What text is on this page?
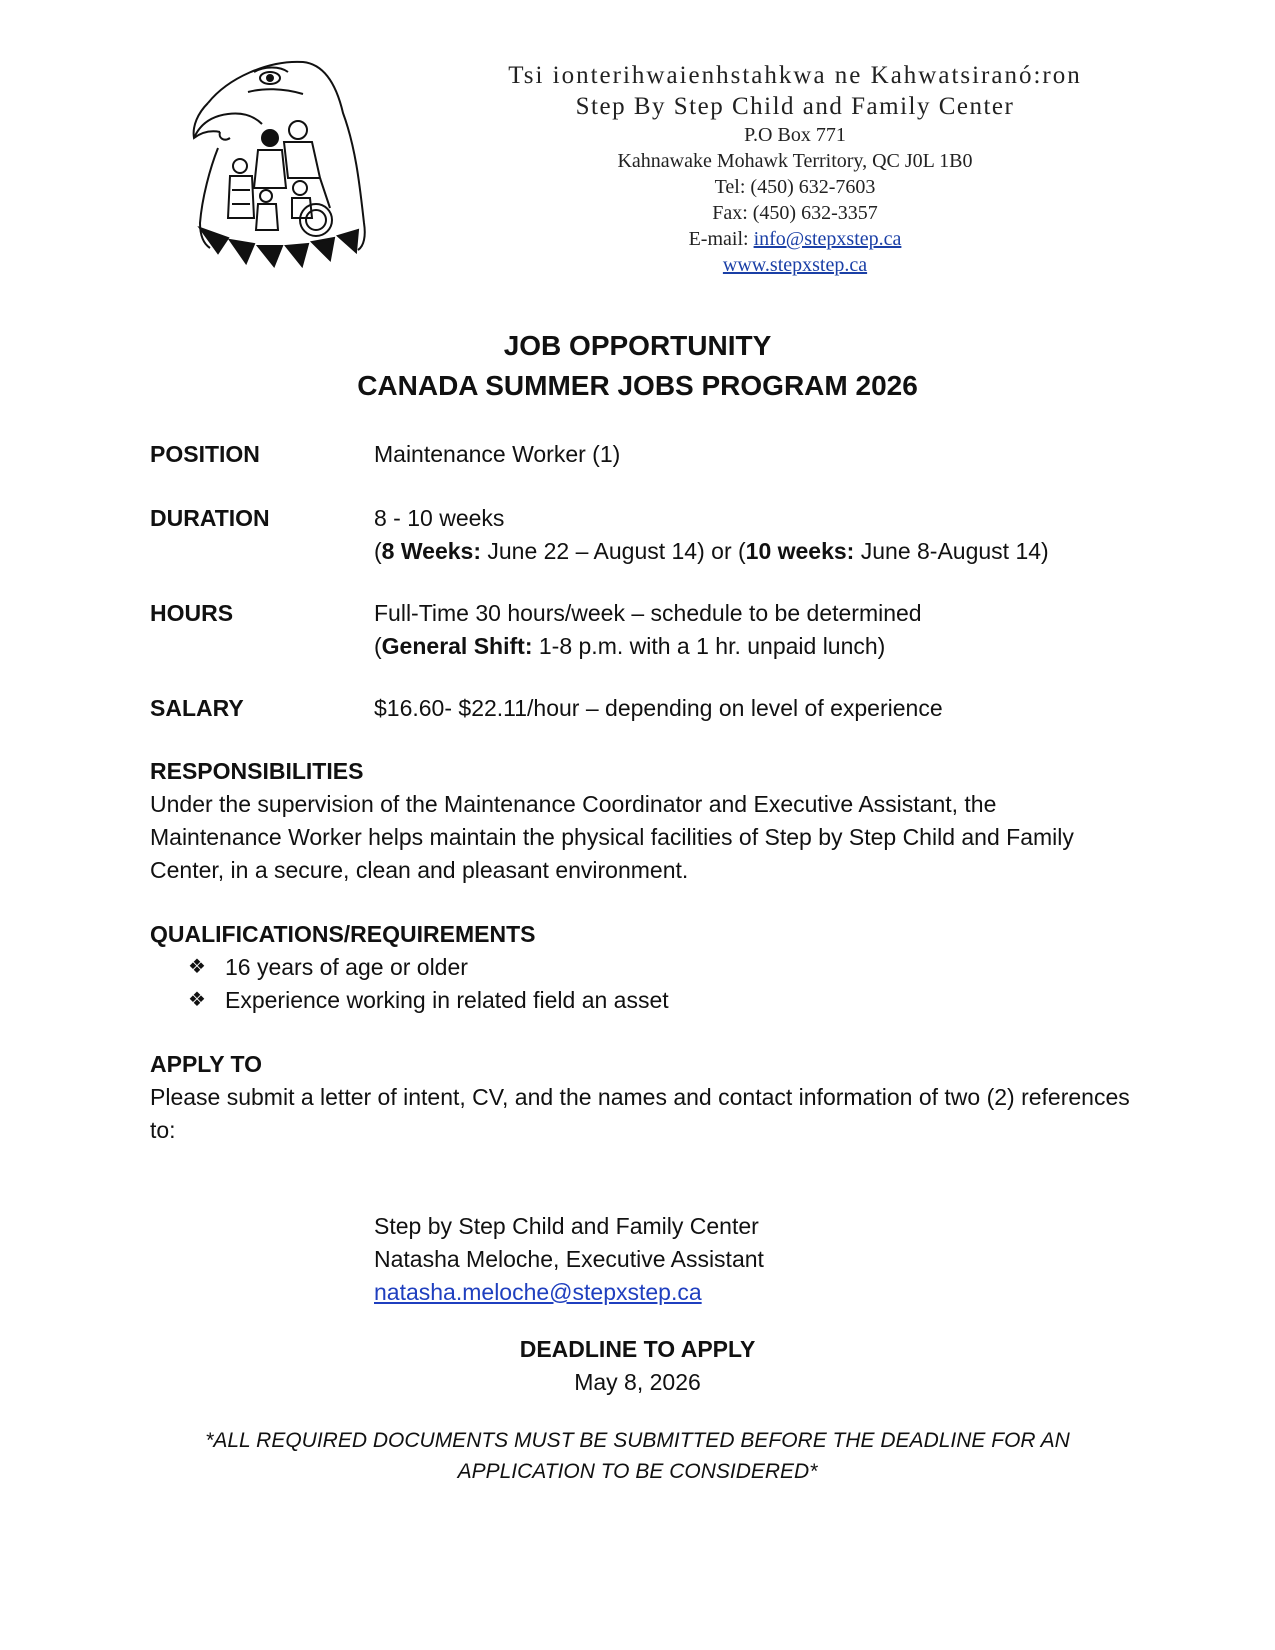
Tsi ionterihwaienhstahkwa ne Kahwatsiranó:ron
Step By Step Child and Family Center
P.O Box 771
Kahnawake Mohawk Territory, QC J0L 1B0
Tel: (450) 632-7603
Fax: (450) 632-3357
E-mail: info@stepxstep.ca
www.stepxstep.ca
JOB OPPORTUNITY
CANADA SUMMER JOBS PROGRAM 2026
POSITION	Maintenance Worker (1)
DURATION	8 - 10 weeks
(8 Weeks: June 22 – August 14) or (10 weeks: June 8-August 14)
HOURS	Full-Time 30 hours/week – schedule to be determined
(General Shift: 1-8 p.m. with a 1 hr. unpaid lunch)
SALARY	$16.60- $22.11/hour – depending on level of experience
RESPONSIBILITIES
Under the supervision of the Maintenance Coordinator and Executive Assistant, the Maintenance Worker helps maintain the physical facilities of Step by Step Child and Family Center, in a secure, clean and pleasant environment.
QUALIFICATIONS/REQUIREMENTS
❖ 16 years of age or older
❖ Experience working in related field an asset
APPLY TO
Please submit a letter of intent, CV, and the names and contact information of two (2) references to:
Step by Step Child and Family Center
Natasha Meloche, Executive Assistant
natasha.meloche@stepxstep.ca
DEADLINE TO APPLY
May 8, 2026
*ALL REQUIRED DOCUMENTS MUST BE SUBMITTED BEFORE THE DEADLINE FOR AN
APPLICATION TO BE CONSIDERED*
